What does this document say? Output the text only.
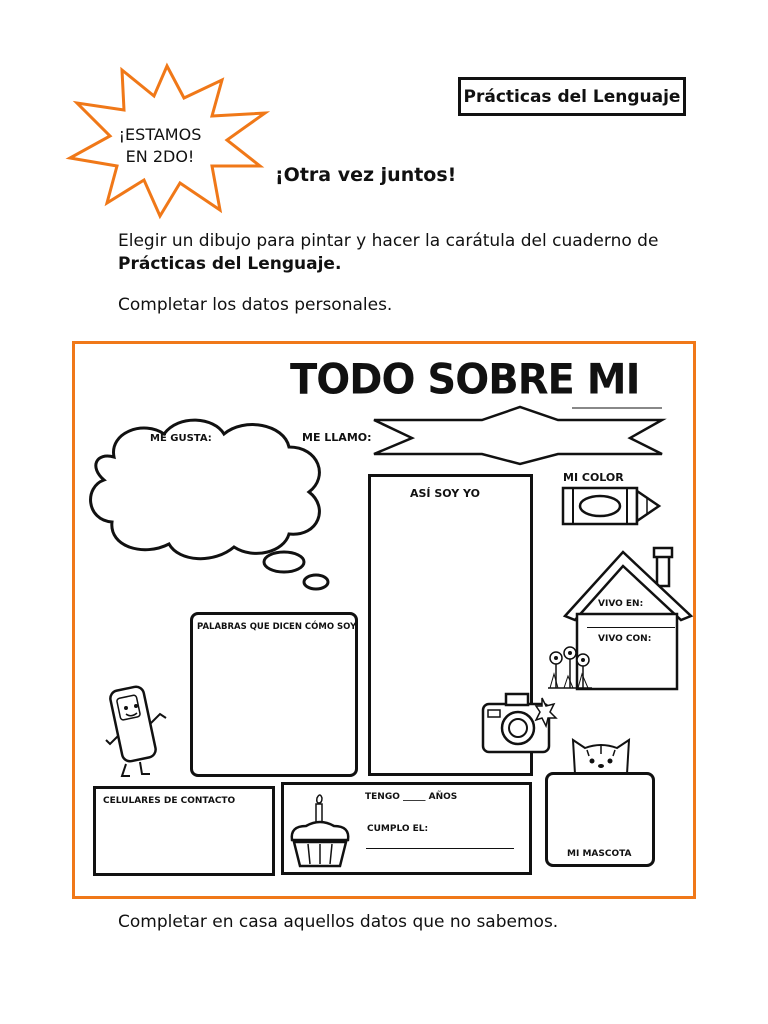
¡ESTAMOS
EN 2DO!
Prácticas del Lenguaje
¡Otra vez juntos!
Elegir un dibujo para pintar y hacer la carátula del cuaderno de Prácticas del Lenguaje.
Completar los datos personales.
TODO SOBRE MI
ME GUSTA:	ME LLAMO:
ASÍ SOY YO
MI COLOR
VIVO EN:
VIVO CON:
PALABRAS QUE DICEN CÓMO SOY
CELULARES DE CONTACTO	TENGO _____ AÑOS
CUMPLO EL:
MI MASCOTA
Completar en casa aquellos datos que no sabemos.
